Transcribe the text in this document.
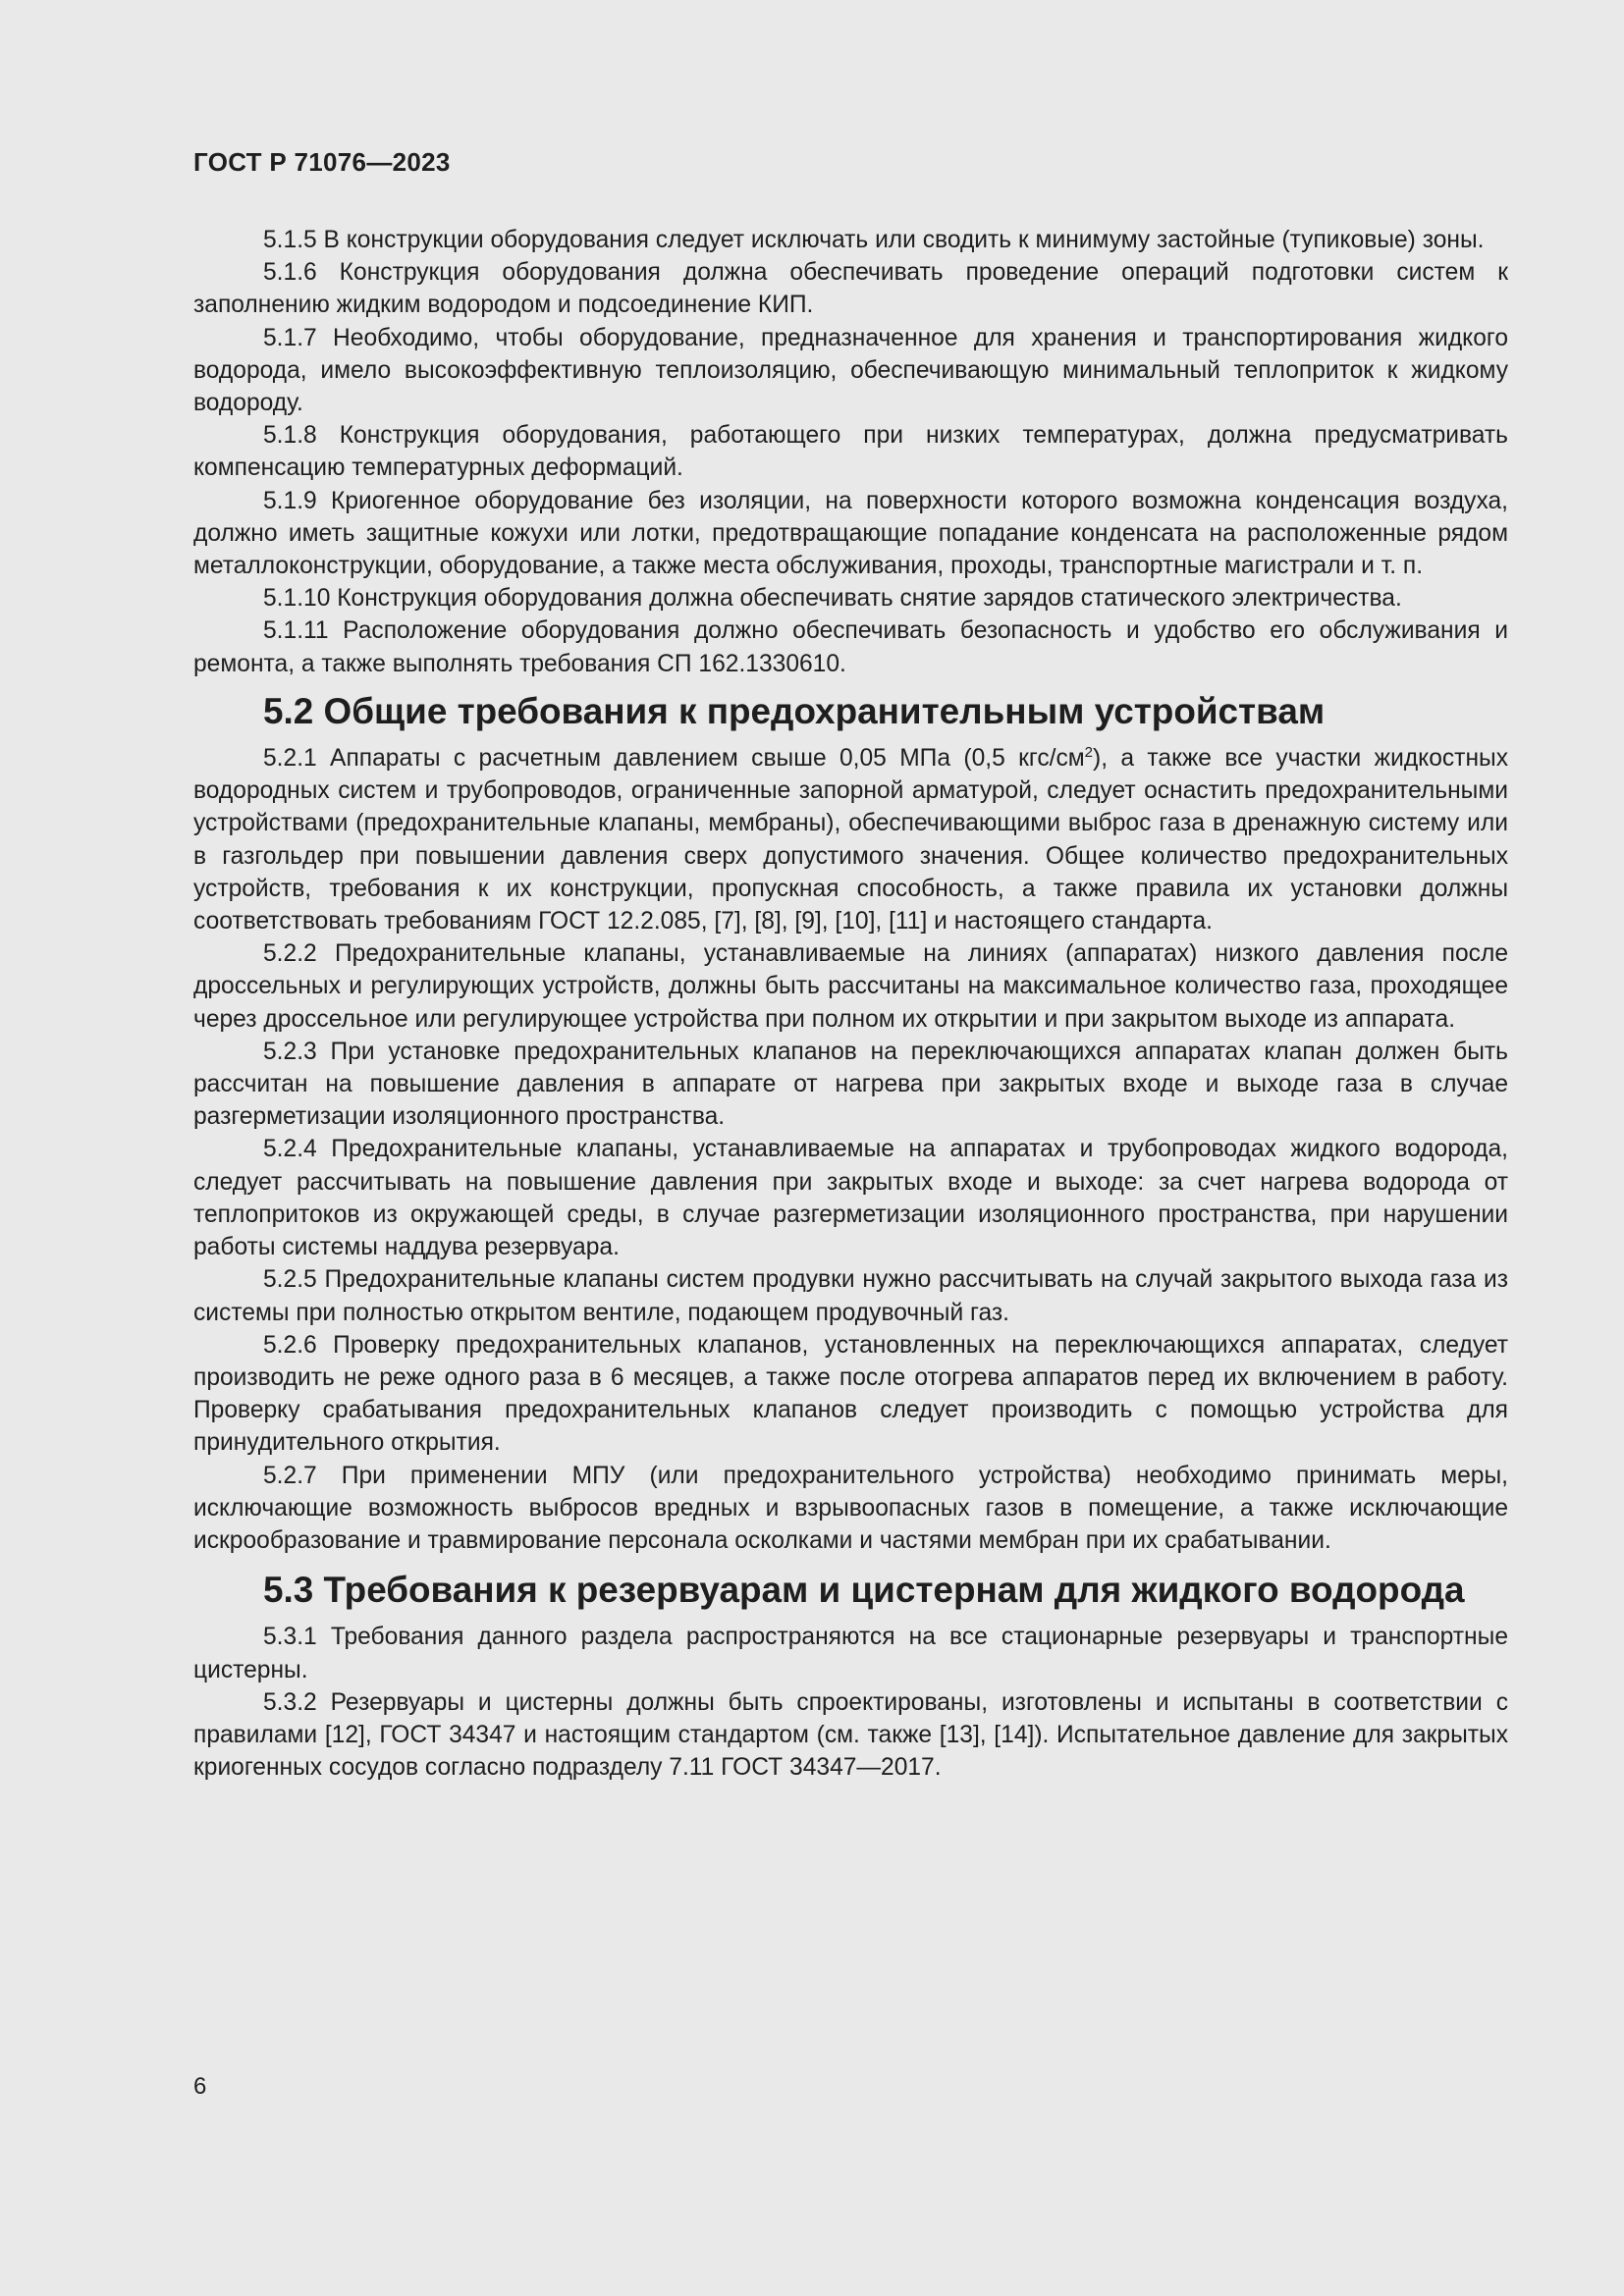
ГОСТ Р 71076—2023

5.1.5 В конструкции оборудования следует исключать или сводить к минимуму застойные (тупиковые) зоны.

5.1.6 Конструкция оборудования должна обеспечивать проведение операций подготовки систем к заполнению жидким водородом и подсоединение КИП.

5.1.7 Необходимо, чтобы оборудование, предназначенное для хранения и транспортирования жидкого водорода, имело высокоэффективную теплоизоляцию, обеспечивающую минимальный теплоприток к жидкому водороду.

5.1.8 Конструкция оборудования, работающего при низких температурах, должна предусматривать компенсацию температурных деформаций.

5.1.9 Криогенное оборудование без изоляции, на поверхности которого возможна конденсация воздуха, должно иметь защитные кожухи или лотки, предотвращающие попадание конденсата на расположенные рядом металлоконструкции, оборудование, а также места обслуживания, проходы, транспортные магистрали и т. п.

5.1.10 Конструкция оборудования должна обеспечивать снятие зарядов статического электричества.

5.1.11 Расположение оборудования должно обеспечивать безопасность и удобство его обслуживания и ремонта, а также выполнять требования СП 162.1330610.

5.2 Общие требования к предохранительным устройствам

5.2.1 Аппараты с расчетным давлением свыше 0,05 МПа (0,5 кгс/$см^2$), а также все участки жидкостных водородных систем и трубопроводов, ограниченные запорной арматурой, следует оснастить предохранительными устройствами (предохранительные клапаны, мембраны), обеспечивающими выброс газа в дренажную систему или в газгольдер при повышении давления сверх допустимого значения. Общее количество предохранительных устройств, требования к их конструкции, пропускная способность, а также правила их установки должны соответствовать требованиям ГОСТ 12.2.085, [7], [8], [9], [10], [11] и настоящего стандарта.

5.2.2 Предохранительные клапаны, устанавливаемые на линиях (аппаратах) низкого давления после дроссельных и регулирующих устройств, должны быть рассчитаны на максимальное количество газа, проходящее через дроссельное или регулирующее устройства при полном их открытии и при закрытом выходе из аппарата.

5.2.3 При установке предохранительных клапанов на переключающихся аппаратах клапан должен быть рассчитан на повышение давления в аппарате от нагрева при закрытых входе и выходе газа в случае разгерметизации изоляционного пространства.

5.2.4 Предохранительные клапаны, устанавливаемые на аппаратах и трубопроводах жидкого водорода, следует рассчитывать на повышение давления при закрытых входе и выходе: за счет нагрева водорода от теплопритоков из окружающей среды, в случае разгерметизации изоляционного пространства, при нарушении работы системы наддува резервуара.

5.2.5 Предохранительные клапаны систем продувки нужно рассчитывать на случай закрытого выхода газа из системы при полностью открытом вентиле, подающем продувочный газ.

5.2.6 Проверку предохранительных клапанов, установленных на переключающихся аппаратах, следует производить не реже одного раза в 6 месяцев, а также после отогрева аппаратов перед их включением в работу. Проверку срабатывания предохранительных клапанов следует производить с помощью устройства для принудительного открытия.

5.2.7 При применении МПУ (или предохранительного устройства) необходимо принимать меры, исключающие возможность выбросов вредных и взрывоопасных газов в помещение, а также исключающие искрообразование и травмирование персонала осколками и частями мембран при их срабатывании.

5.3 Требования к резервуарам и цистернам для жидкого водорода

5.3.1 Требования данного раздела распространяются на все стационарные резервуары и транспортные цистерны.

5.3.2 Резервуары и цистерны должны быть спроектированы, изготовлены и испытаны в соответствии с правилами [12], ГОСТ 34347 и настоящим стандартом (см. также [13], [14]). Испытательное давление для закрытых криогенных сосудов согласно подразделу 7.11 ГОСТ 34347—2017.

6
